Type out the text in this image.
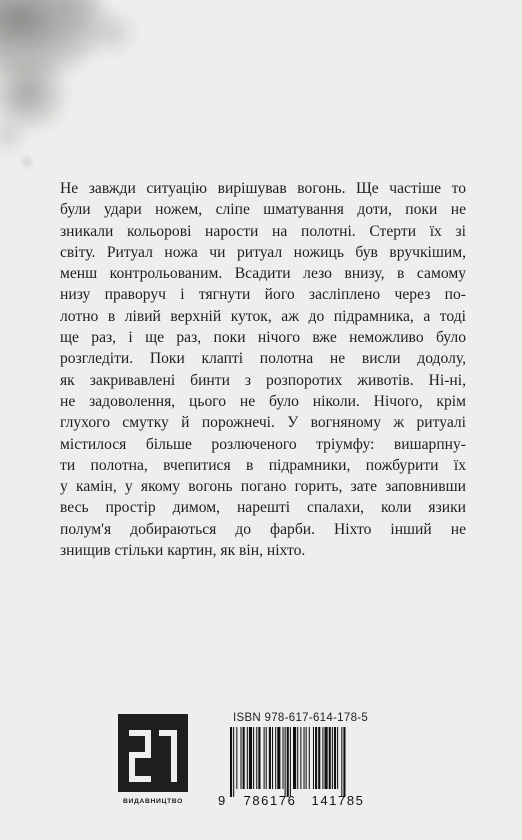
Не завжди ситуацію вирішував вогонь. Ще частіше то
були удари ножем, сліпе шматування доти, поки не
зникали кольорові нарости на полотні. Стерти їх зі
світу. Ритуал ножа чи ритуал ножиць був вручкішим,
менш контрольованим. Всадити лезо внизу, в самому
низу праворуч і тягнути його засліплено через по-
лотно в лівий верхній куток, аж до підрамника, а тоді
ще раз, і ще раз, поки нічого вже неможливо було
розгледіти. Поки клапті полотна не висли додолу,
як закривавлені бинти з розпоротих животів. Ні-ні,
не задоволення, цього не було ніколи. Нічого, крім
глухого смутку й порожнечі. У вогняному ж ритуалі
містилося більше розлюченого тріумфу: вишарпну-
ти полотна, вчепитися в підрамники, пожбурити їх
у камін, у якому вогонь погано горить, зате заповнивши
весь простір димом, нарешті спалахи, коли язики
полум'я добираються до фарби. Ніхто інший не
знищив стільки картин, як він, ніхто.

ВИДАВНИЦТВО
ISBN 978-617-614-178-5
9 786176 141785
